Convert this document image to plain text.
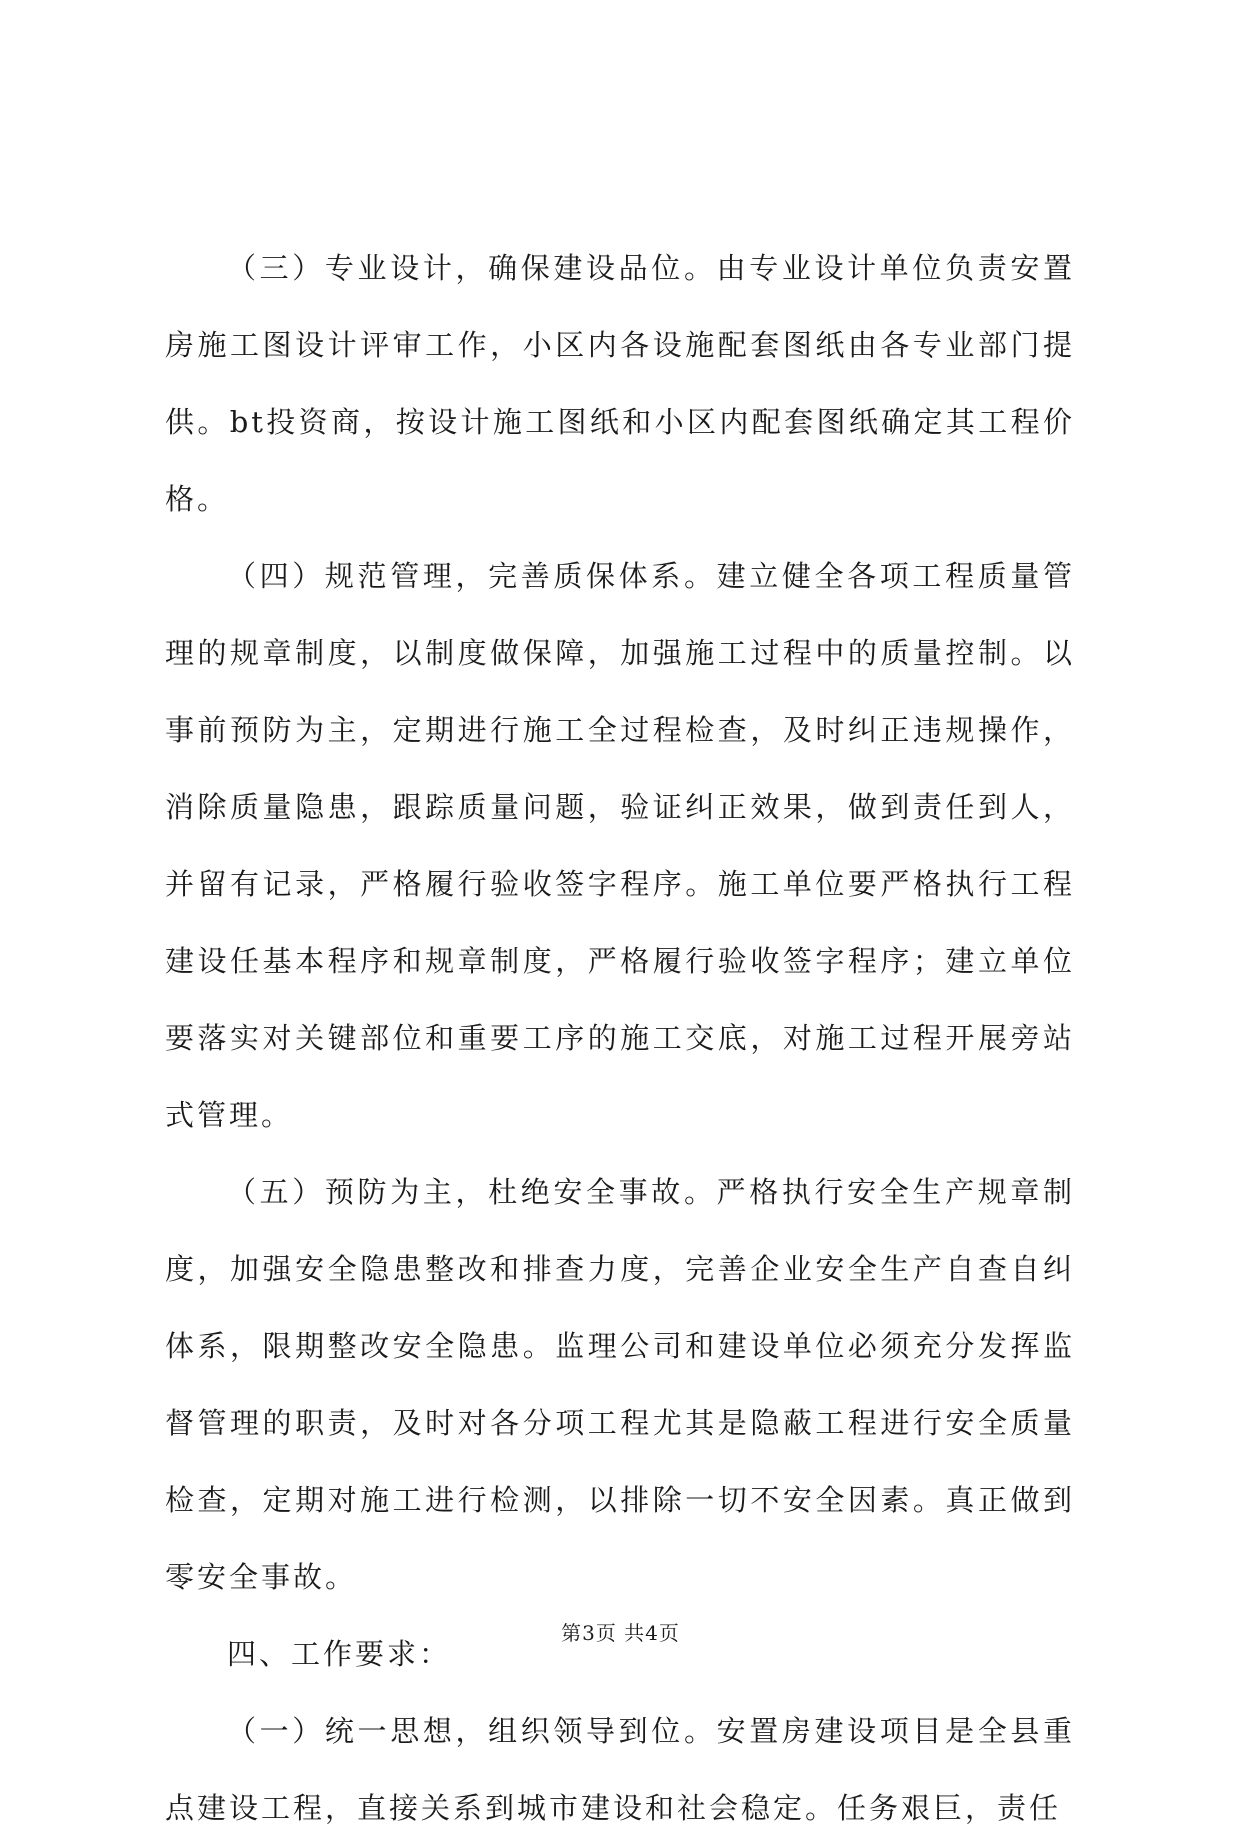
（三）专业设计，确保建设品位。由专业设计单位负责安置房施工图设计评审工作，小区内各设施配套图纸由各专业部门提供。bt投资商，按设计施工图纸和小区内配套图纸确定其工程价格。

（四）规范管理，完善质保体系。建立健全各项工程质量管理的规章制度，以制度做保障，加强施工过程中的质量控制。以事前预防为主，定期进行施工全过程检查，及时纠正违规操作，消除质量隐患，跟踪质量问题，验证纠正效果，做到责任到人，并留有记录，严格履行验收签字程序。施工单位要严格执行工程建设任基本程序和规章制度，严格履行验收签字程序；建立单位要落实对关键部位和重要工序的施工交底，对施工过程开展旁站式管理。

（五）预防为主，杜绝安全事故。严格执行安全生产规章制度，加强安全隐患整改和排查力度，完善企业安全生产自查自纠体系，限期整改安全隐患。监理公司和建设单位必须充分发挥监督管理的职责，及时对各分项工程尤其是隐蔽工程进行安全质量检查，定期对施工进行检测，以排除一切不安全因素。真正做到零安全事故。

四、工作要求：

（一）统一思想，组织领导到位。安置房建设项目是全县重点建设工程，直接关系到城市建设和社会稳定。任务艰巨，责任

第3页 共4页
